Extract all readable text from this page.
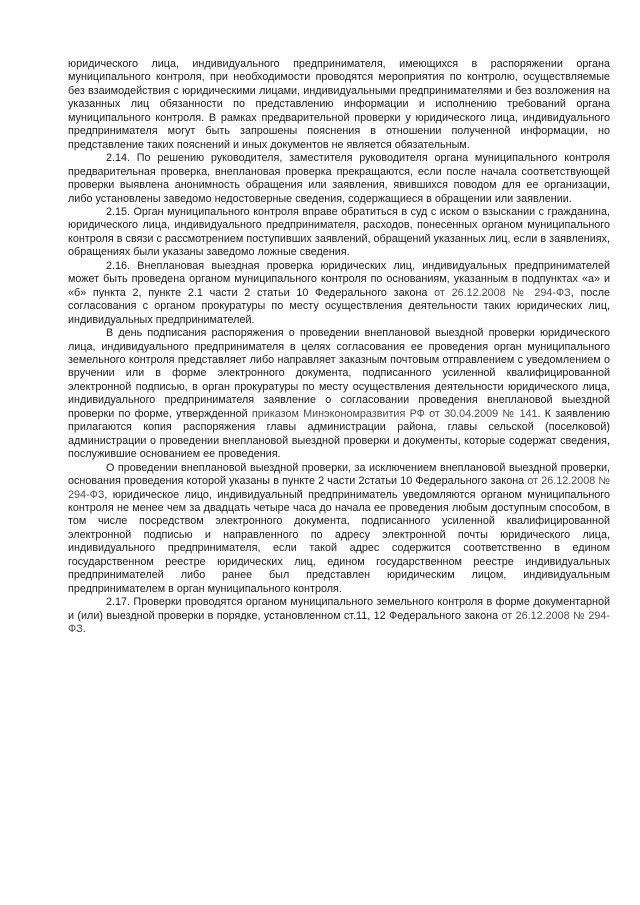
юридического лица, индивидуального предпринимателя, имеющихся в распоряжении органа муниципального контроля, при необходимости проводятся мероприятия по контролю, осуществляемые без взаимодействия с юридическими лицами, индивидуальными предпринимателями и без возложения на указанных лиц обязанности по представлению информации и исполнению требований органа муниципального контроля. В рамках предварительной проверки у юридического лица, индивидуального предпринимателя могут быть запрошены пояснения в отношении полученной информации, но представление таких пояснений и иных документов не является обязательным.

2.14. По решению руководителя, заместителя руководителя органа муниципального контроля предварительная проверка, внеплановая проверка прекращаются, если после начала соответствующей проверки выявлена анонимность обращения или заявления, явившихся поводом для ее организации, либо установлены заведомо недостоверные сведения, содержащиеся в обращении или заявлении.

2.15. Орган муниципального контроля вправе обратиться в суд с иском о взыскании с гражданина, юридического лица, индивидуального предпринимателя, расходов, понесенных органом муниципального контроля в связи с рассмотрением поступивших заявлений, обращений указанных лиц, если в заявлениях, обращениях были указаны заведомо ложные сведения.

2.16. Внеплановая выездная проверка юридических лиц, индивидуальных предпринимателей может быть проведена органом муниципального контроля по основаниям, указанным в подпунктах «а» и «б» пункта 2, пункте 2.1 части 2 статьи 10 Федерального закона от 26.12.2008 № 294-ФЗ, после согласования с органом прокуратуры по месту осуществления деятельности таких юридических лиц, индивидуальных предпринимателей.

В день подписания распоряжения о проведении внеплановой выездной проверки юридического лица, индивидуального предпринимателя в целях согласования ее проведения орган муниципального земельного контроля представляет либо направляет заказным почтовым отправлением с уведомлением о вручении или в форме электронного документа, подписанного усиленной квалифицированной электронной подписью, в орган прокуратуры по месту осуществления деятельности юридического лица, индивидуального предпринимателя заявление о согласовании проведения внеплановой выездной проверки по форме, утвержденной приказом Минэкономразвития РФ от 30.04.2009 № 141. К заявлению прилагаются копия распоряжения главы администрации района, главы сельской (поселковой) администрации о проведении внеплановой выездной проверки и документы, которые содержат сведения, послужившие основанием ее проведения.

О проведении внеплановой выездной проверки, за исключением внеплановой выездной проверки, основания проведения которой указаны в пункте 2 части 2статьи 10 Федерального закона от 26.12.2008 № 294-ФЗ, юридическое лицо, индивидуальный предприниматель уведомляются органом муниципального контроля не менее чем за двадцать четыре часа до начала ее проведения любым доступным способом, в том числе посредством электронного документа, подписанного усиленной квалифицированной электронной подписью и направленного по адресу электронной почты юридического лица, индивидуального предпринимателя, если такой адрес содержится соответственно в едином государственном реестре юридических лиц, едином государственном реестре индивидуальных предпринимателей либо ранее был представлен юридическим лицом, индивидуальным предпринимателем в орган муниципального контроля.

2.17. Проверки проводятся органом муниципального земельного контроля в форме документарной и (или) выездной проверки в порядке, установленном ст.11, 12 Федерального закона от 26.12.2008 № 294-ФЗ.
